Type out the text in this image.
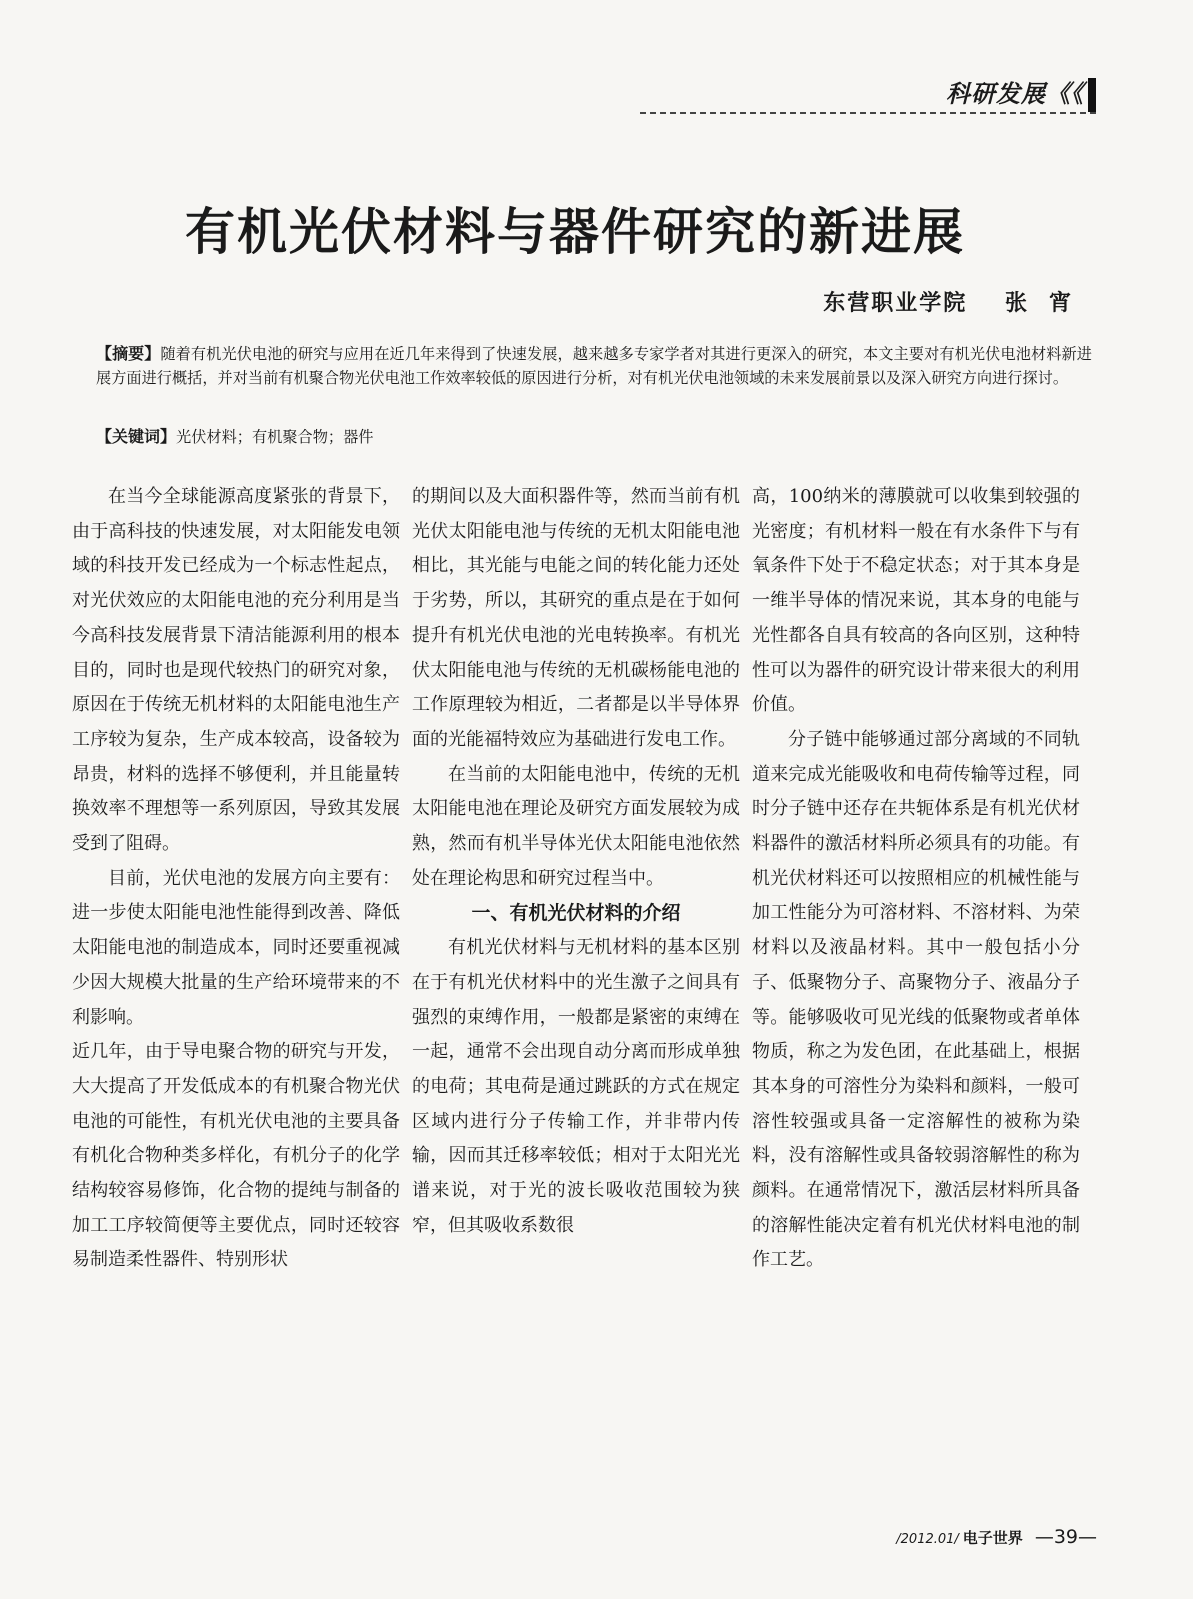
科研发展《《
有机光伏材料与器件研究的新进展
东营职业学院 张宵

【摘要】随着有机光伏电池的研究与应用在近几年来得到了快速发展，越来越多专家学者对其进行更深入的研究，本文主要对有机光伏电池材料新进展方面进行概括，并对当前有机聚合物光伏电池工作效率较低的原因进行分析，对有机光伏电池领域的未来发展前景以及深入研究方向进行探讨。

【关键词】光伏材料；有机聚合物；器件

在当今全球能源高度紧张的背景下，由于高科技的快速发展，对太阳能发电领域的科技开发已经成为一个标志性起点，对光伏效应的太阳能电池的充分利用是当今高科技发展背景下清洁能源利用的根本目的，同时也是现代较热门的研究对象，原因在于传统无机材料的太阳能电池生产工序较为复杂，生产成本较高，设备较为昂贵，材料的选择不够便利，并且能量转换效率不理想等一系列原因，导致其发展受到了阻碍。

目前，光伏电池的发展方向主要有：进一步使太阳能电池性能得到改善、降低太阳能电池的制造成本，同时还要重视减少因大规模大批量的生产给环境带来的不利影响。

近几年，由于导电聚合物的研究与开发，大大提高了开发低成本的有机聚合物光伏电池的可能性，有机光伏电池的主要具备有机化合物种类多样化，有机分子的化学结构较容易修饰，化合物的提纯与制备的加工工序较简便等主要优点，同时还较容易制造柔性器件、特别形状

的期间以及大面积器件等，然而当前有机光伏太阳能电池与传统的无机太阳能电池相比，其光能与电能之间的转化能力还处于劣势，所以，其研究的重点是在于如何提升有机光伏电池的光电转换率。有机光伏太阳能电池与传统的无机碳杨能电池的工作原理较为相近，二者都是以半导体界面的光能福特效应为基础进行发电工作。

在当前的太阳能电池中，传统的无机太阳能电池在理论及研究方面发展较为成熟，然而有机半导体光伏太阳能电池依然处在理论构思和研究过程当中。

一、有机光伏材料的介绍

有机光伏材料与无机材料的基本区别在于有机光伏材料中的光生激子之间具有强烈的束缚作用，一般都是紧密的束缚在一起，通常不会出现自动分离而形成单独的电荷；其电荷是通过跳跃的方式在规定区域内进行分子传输工作，并非带内传输，因而其迁移率较低；相对于太阳光光谱来说，对于光的波长吸收范围较为狭窄，但其吸收系数很

高，100纳米的薄膜就可以收集到较强的光密度；有机材料一般在有水条件下与有氧条件下处于不稳定状态；对于其本身是一维半导体的情况来说，其本身的电能与光性都各自具有较高的各向区别，这种特性可以为器件的研究设计带来很大的利用价值。

分子链中能够通过部分离域的不同轨道来完成光能吸收和电荷传输等过程，同时分子链中还存在共轭体系是有机光伏材料器件的激活材料所必须具有的功能。有机光伏材料还可以按照相应的机械性能与加工性能分为可溶材料、不溶材料、为荣材料以及液晶材料。其中一般包括小分子、低聚物分子、高聚物分子、液晶分子等。能够吸收可见光线的低聚物或者单体物质，称之为发色团，在此基础上，根据其本身的可溶性分为染料和颜料，一般可溶性较强或具备一定溶解性的被称为染料，没有溶解性或具备较弱溶解性的称为颜料。在通常情况下，激活层材料所具备的溶解性能决定着有机光伏材料电池的制作工艺。

/2012.01/ 电子世界 —39—
